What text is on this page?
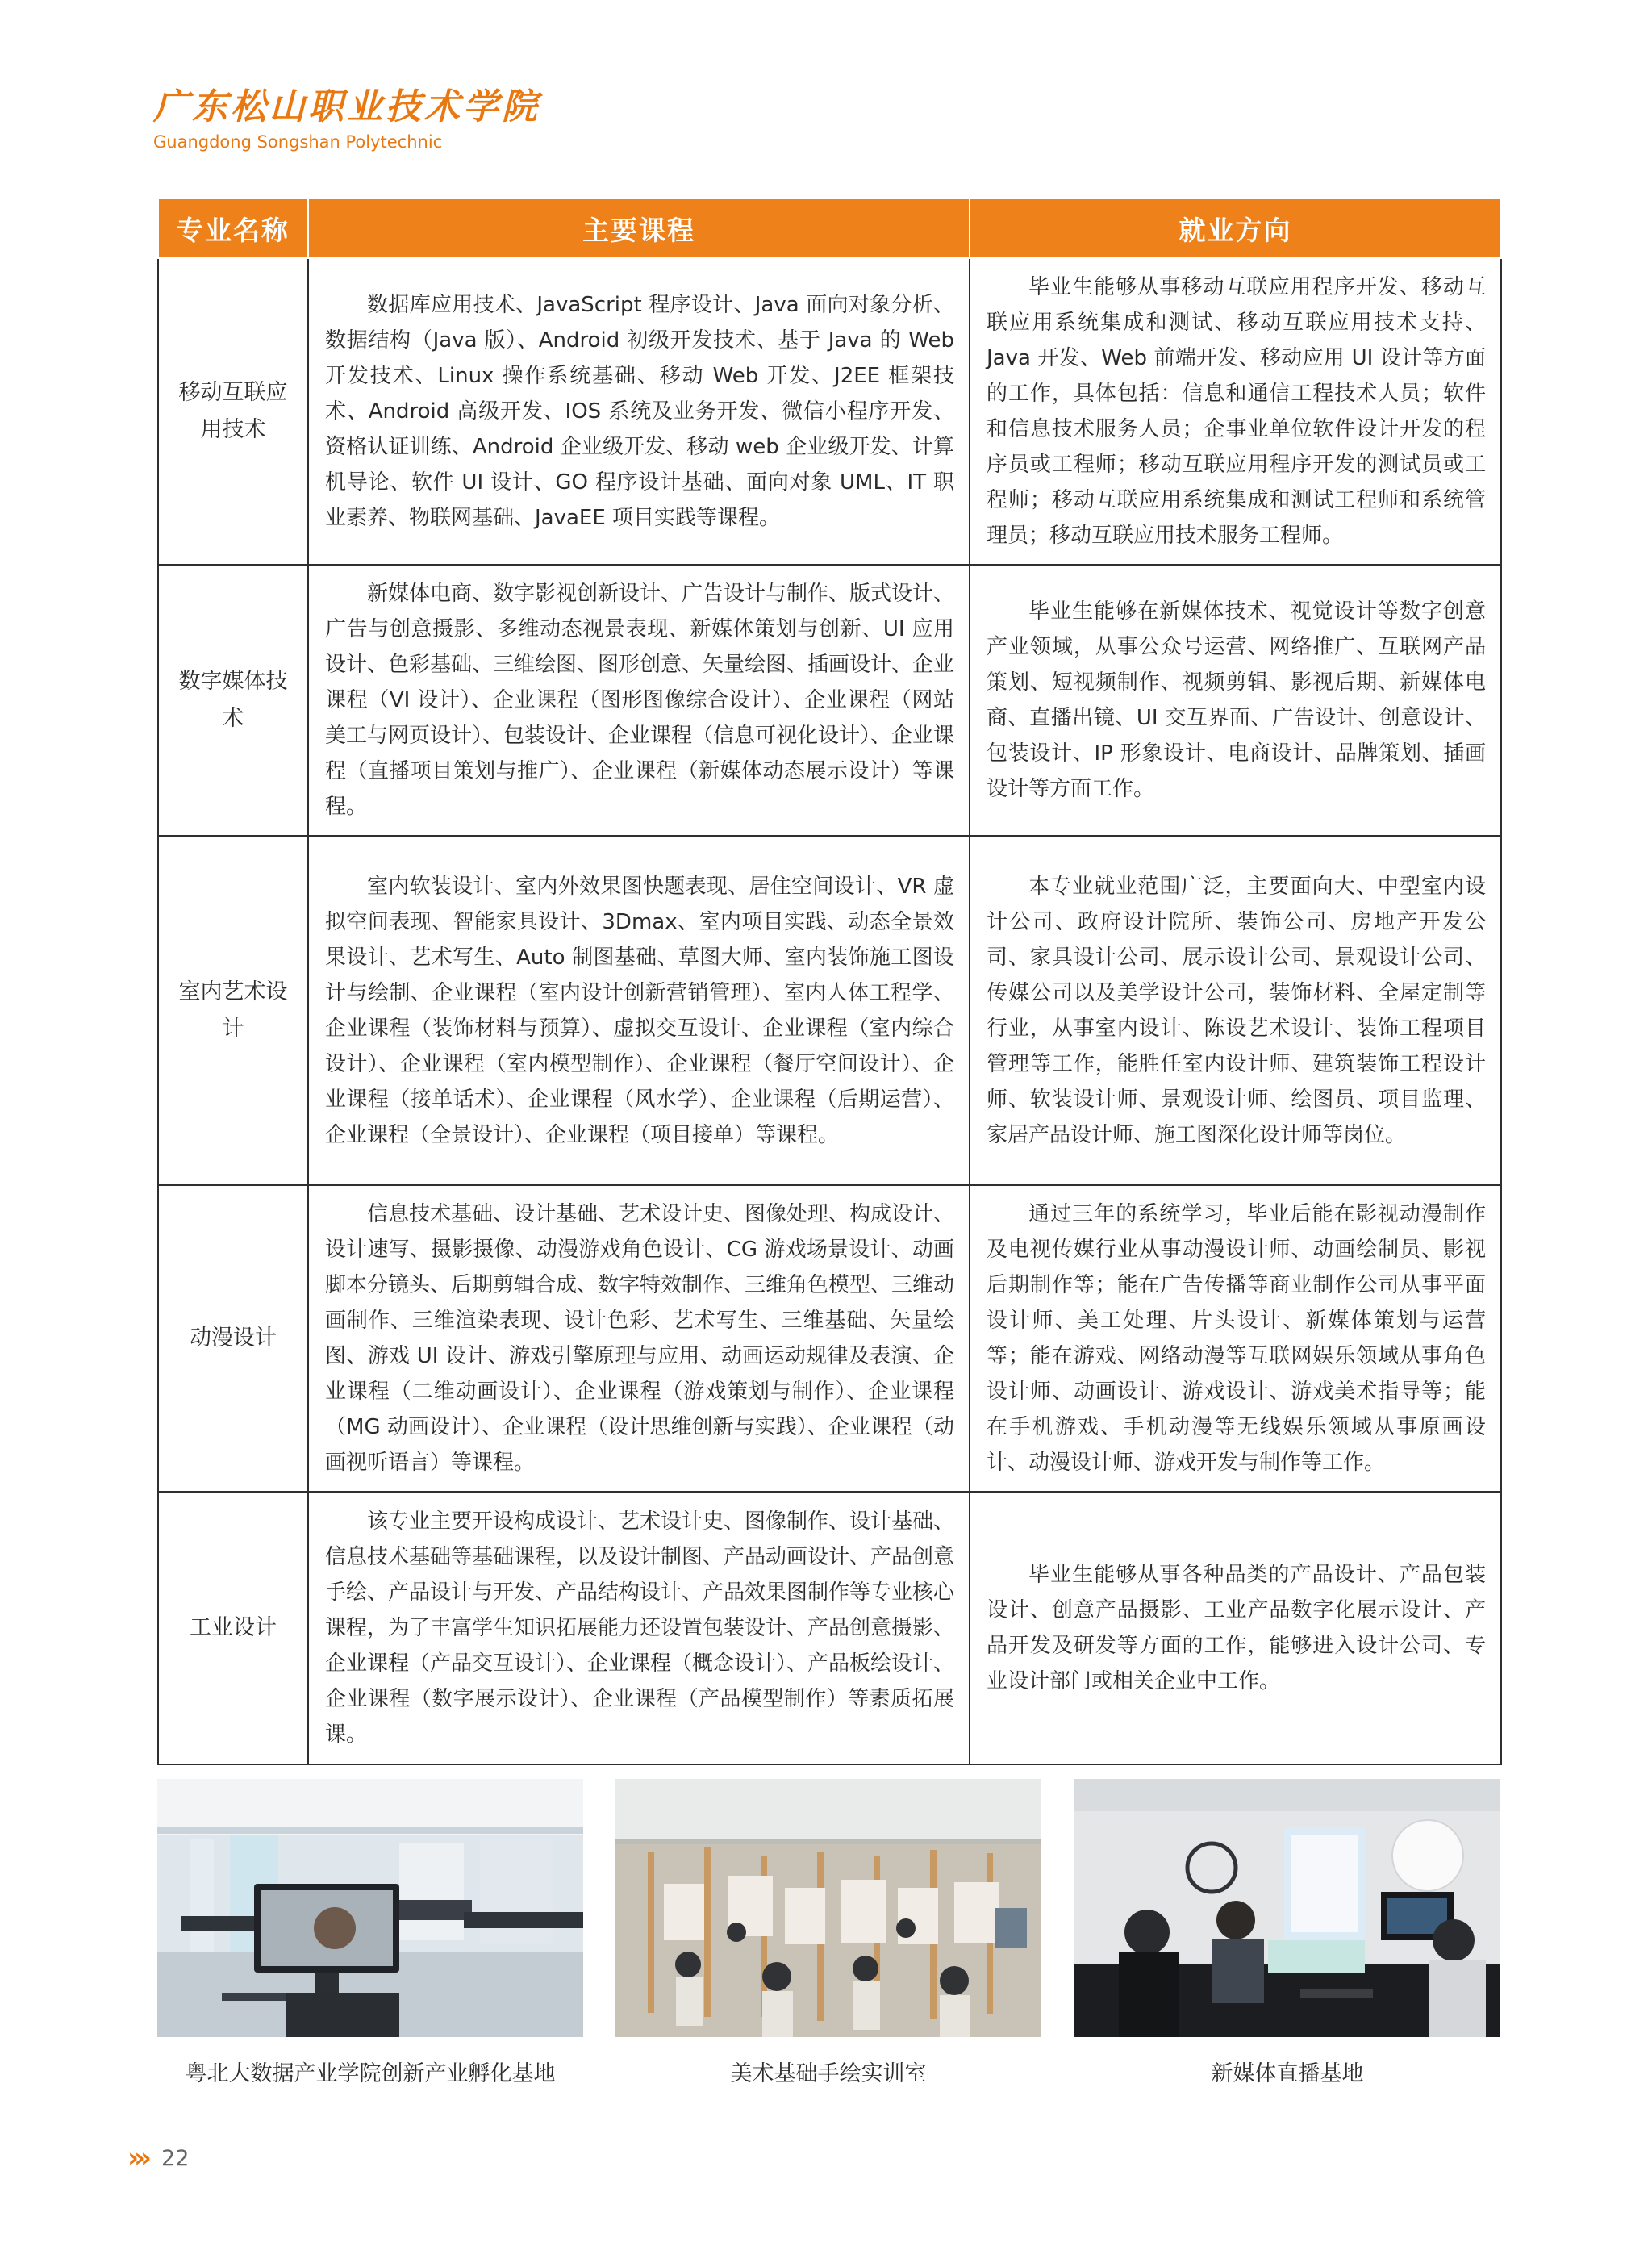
广东松山职业技术学院
Guangdong Songshan Polytechnic
专业名称	主要课程	就业方向
移动互联应用技术	数据库应用技术、JavaScript 程序设计、Java 面向对象分析、数据结构（Java 版）、Android 初级开发技术、基于 Java 的 Web 开发技术、Linux 操作系统基础、移动 Web 开发、J2EE 框架技术、Android 高级开发、IOS 系统及业务开发、微信小程序开发、资格认证训练、Android 企业级开发、移动 web 企业级开发、计算机导论、软件 UI 设计、GO 程序设计基础、面向对象 UML、IT 职业素养、物联网基础、JavaEE 项目实践等课程。	毕业生能够从事移动互联应用程序开发、移动互联应用系统集成和测试、移动互联应用技术支持、Java 开发、Web 前端开发、移动应用 UI 设计等方面的工作，具体包括：信息和通信工程技术人员；软件和信息技术服务人员；企事业单位软件设计开发的程序员或工程师；移动互联应用程序开发的测试员或工程师；移动互联应用系统集成和测试工程师和系统管理员；移动互联应用技术服务工程师。
数字媒体技术	新媒体电商、数字影视创新设计、广告设计与制作、版式设计、广告与创意摄影、多维动态视景表现、新媒体策划与创新、UI 应用设计、色彩基础、三维绘图、图形创意、矢量绘图、插画设计、企业课程（VI 设计）、企业课程（图形图像综合设计）、企业课程（网站美工与网页设计）、包装设计、企业课程（信息可视化设计）、企业课程（直播项目策划与推广）、企业课程（新媒体动态展示设计）等课程。	毕业生能够在新媒体技术、视觉设计等数字创意产业领域，从事公众号运营、网络推广、互联网产品策划、短视频制作、视频剪辑、影视后期、新媒体电商、直播出镜、UI 交互界面、广告设计、创意设计、包装设计、IP 形象设计、电商设计、品牌策划、插画设计等方面工作。
室内艺术设计	室内软装设计、室内外效果图快题表现、居住空间设计、VR 虚拟空间表现、智能家具设计、3Dmax、室内项目实践、动态全景效果设计、艺术写生、Auto 制图基础、草图大师、室内装饰施工图设计与绘制、企业课程（室内设计创新营销管理）、室内人体工程学、企业课程（装饰材料与预算）、虚拟交互设计、企业课程（室内综合设计）、企业课程（室内模型制作）、企业课程（餐厅空间设计）、企业课程（接单话术）、企业课程（风水学）、企业课程（后期运营）、企业课程（全景设计）、企业课程（项目接单）等课程。	本专业就业范围广泛，主要面向大、中型室内设计公司、政府设计院所、装饰公司、房地产开发公司、家具设计公司、展示设计公司、景观设计公司、传媒公司以及美学设计公司，装饰材料、全屋定制等行业，从事室内设计、陈设艺术设计、装饰工程项目管理等工作，能胜任室内设计师、建筑装饰工程设计师、软装设计师、景观设计师、绘图员、项目监理、家居产品设计师、施工图深化设计师等岗位。
动漫设计	信息技术基础、设计基础、艺术设计史、图像处理、构成设计、设计速写、摄影摄像、动漫游戏角色设计、CG 游戏场景设计、动画脚本分镜头、后期剪辑合成、数字特效制作、三维角色模型、三维动画制作、三维渲染表现、设计色彩、艺术写生、三维基础、矢量绘图、游戏 UI 设计、游戏引擎原理与应用、动画运动规律及表演、企业课程（二维动画设计）、企业课程（游戏策划与制作）、企业课程（MG 动画设计）、企业课程（设计思维创新与实践）、企业课程（动画视听语言）等课程。	通过三年的系统学习，毕业后能在影视动漫制作及电视传媒行业从事动漫设计师、动画绘制员、影视后期制作等；能在广告传播等商业制作公司从事平面设计师、美工处理、片头设计、新媒体策划与运营等；能在游戏、网络动漫等互联网娱乐领域从事角色设计师、动画设计、游戏设计、游戏美术指导等；能在手机游戏、手机动漫等无线娱乐领域从事原画设计、动漫设计师、游戏开发与制作等工作。
工业设计	该专业主要开设构成设计、艺术设计史、图像制作、设计基础、信息技术基础等基础课程，以及设计制图、产品动画设计、产品创意手绘、产品设计与开发、产品结构设计、产品效果图制作等专业核心课程，为了丰富学生知识拓展能力还设置包装设计、产品创意摄影、企业课程（产品交互设计）、企业课程（概念设计）、产品板绘设计、企业课程（数字展示设计）、企业课程（产品模型制作）等素质拓展课。	毕业生能够从事各种品类的产品设计、产品包装设计、创意产品摄影、工业产品数字化展示设计、产品开发及研发等方面的工作，能够进入设计公司、专业设计部门或相关企业中工作。
粤北大数据产业学院创新产业孵化基地	美术基础手绘实训室	新媒体直播基地
››› 22
